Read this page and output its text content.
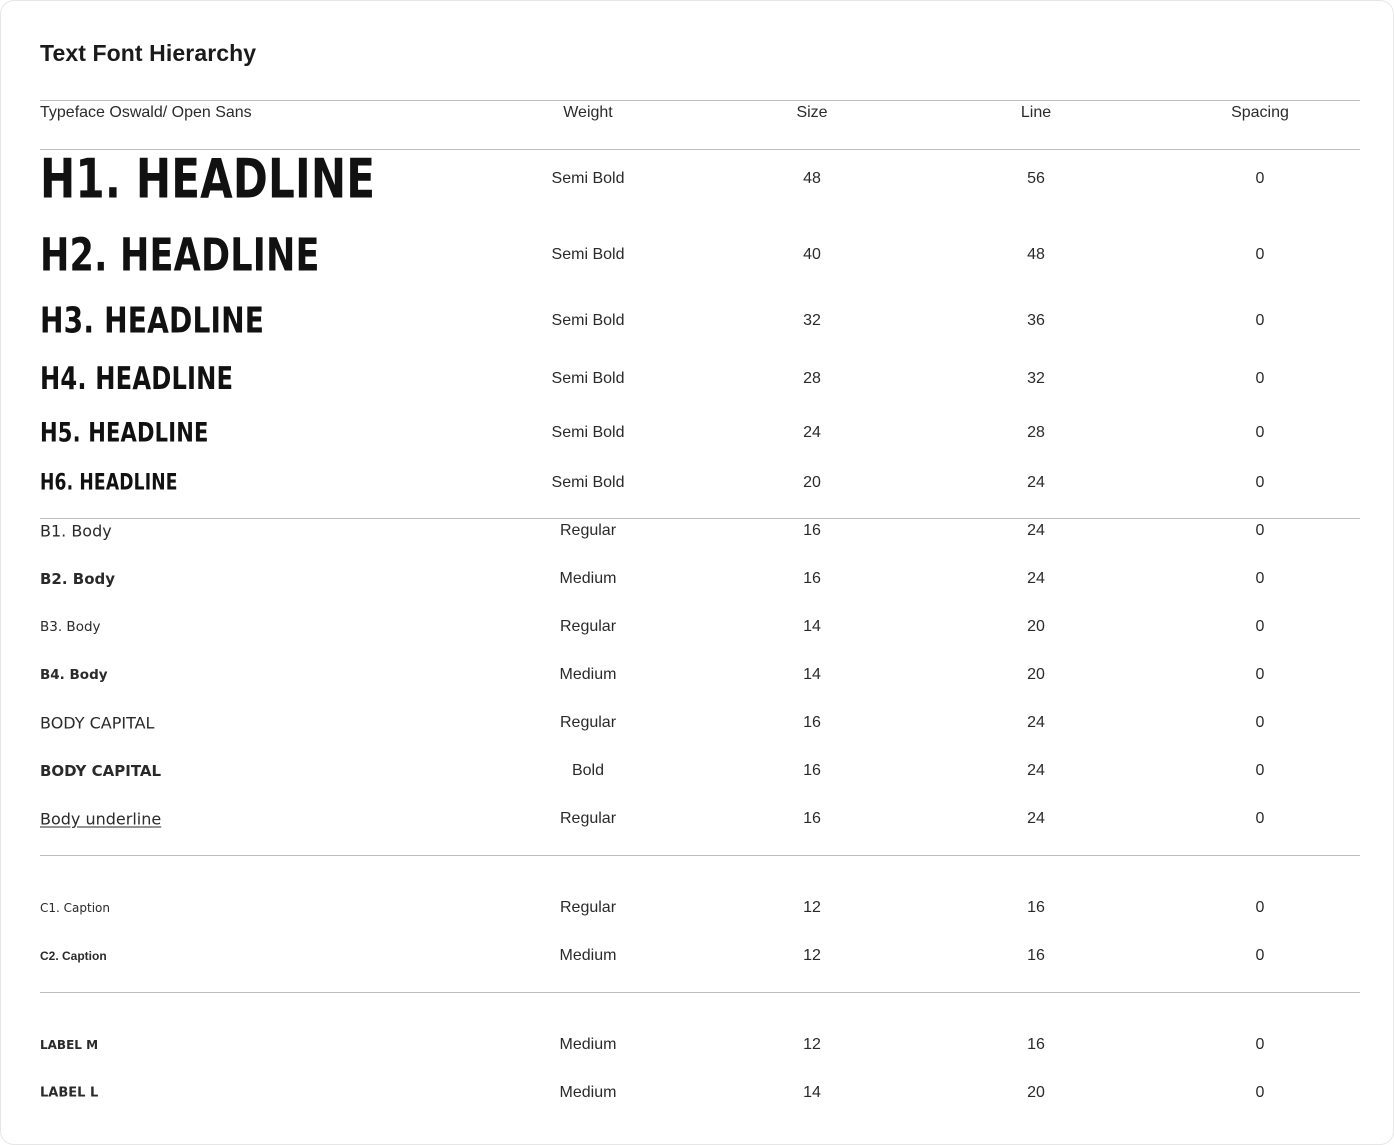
Text Font Hierarchy
Typeface Oswald/ Open Sans	Weight	Size	Line	Spacing
H1. HEADLINE	Semi Bold	48	56	0
H2. HEADLINE	Semi Bold	40	48	0
H3. HEADLINE	Semi Bold	32	36	0
H4. HEADLINE	Semi Bold	28	32	0
H5. HEADLINE	Semi Bold	24	28	0
H6. HEADLINE	Semi Bold	20	24	0
B1. Body	Regular	16	24	0
B2. Body	Medium	16	24	0
B3. Body	Regular	14	20	0
B4. Body	Medium	14	20	0
BODY CAPITAL	Regular	16	24	0
BODY CAPITAL	Bold	16	24	0
Body underline	Regular	16	24	0
C1. Caption	Regular	12	16	0
C2. Caption	Medium	12	16	0
LABEL M	Medium	12	16	0
LABEL L	Medium	14	20	0
